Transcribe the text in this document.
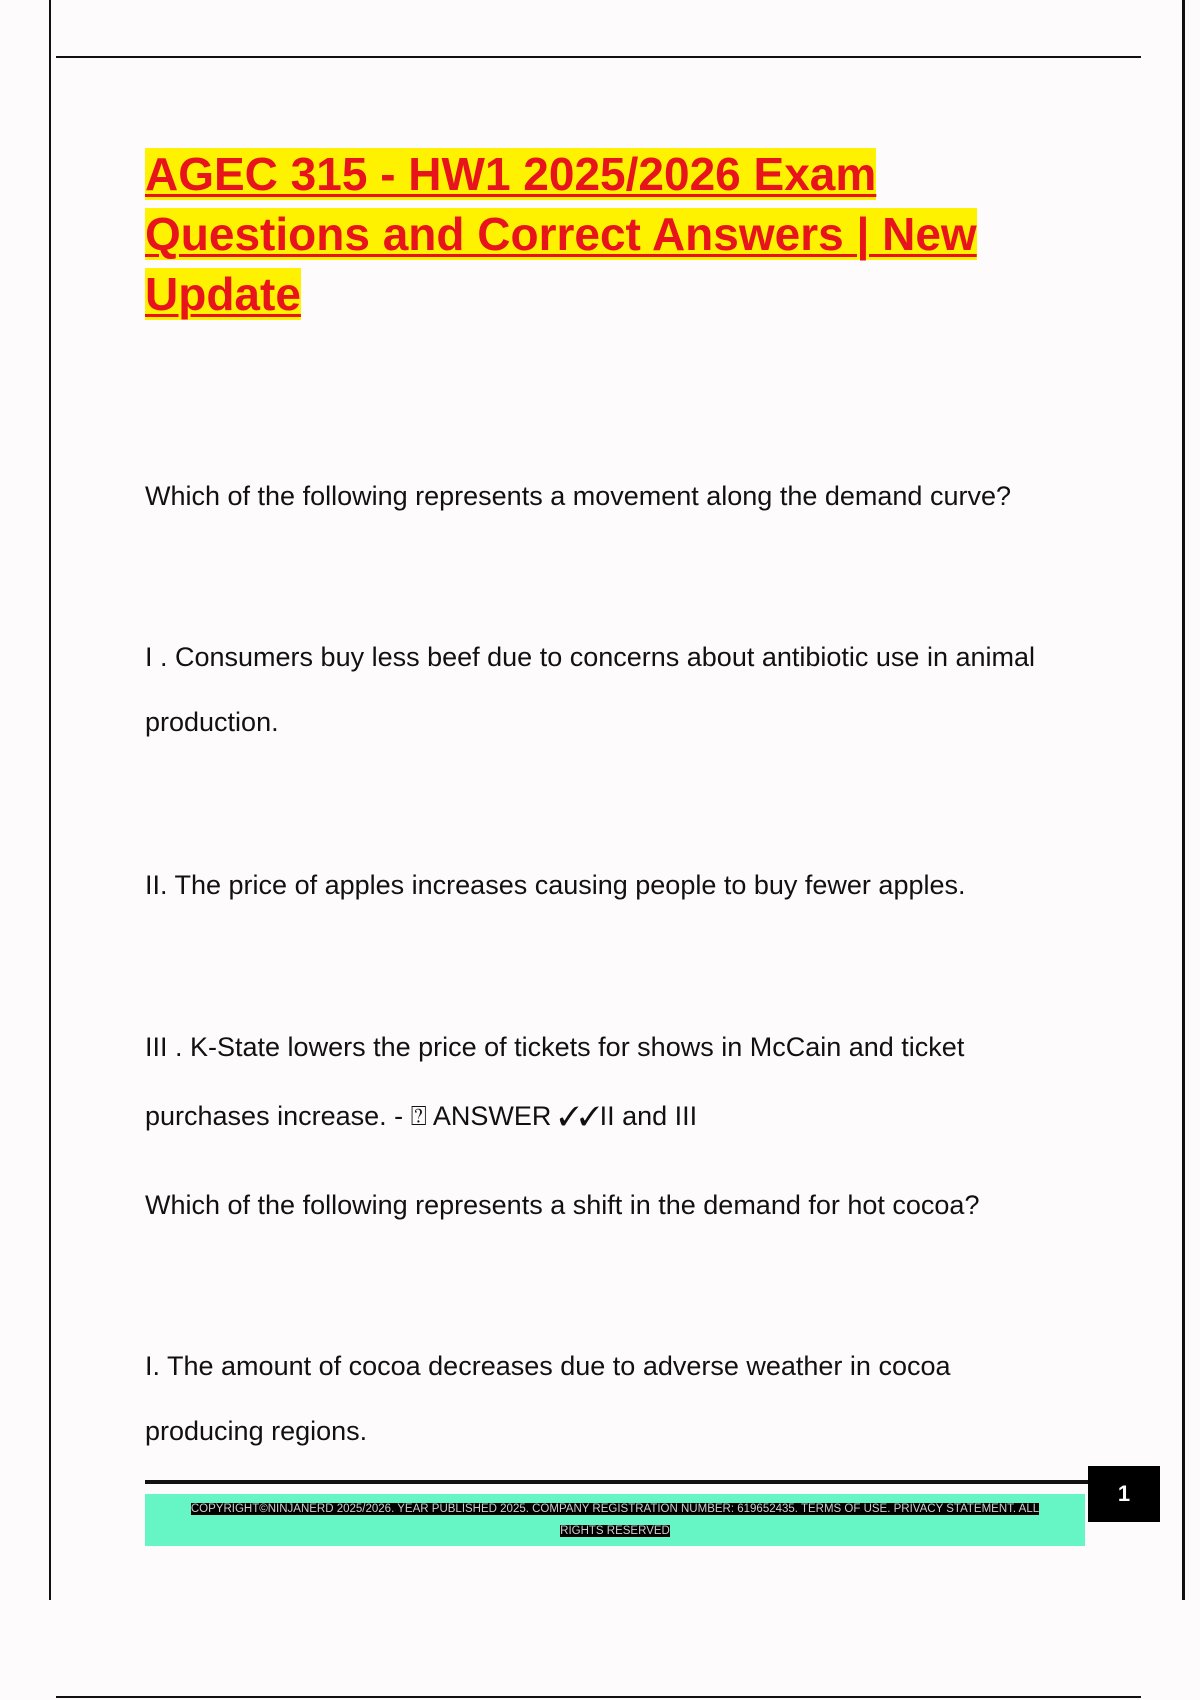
AGEC 315 - HW1 2025/2026 Exam Questions and Correct Answers | New Update

Which of the following represents a movement along the demand curve?

I . Consumers buy less beef due to concerns about antibiotic use in animal

production.

II. The price of apples increases causing people to buy fewer apples.

III . K-State lowers the price of tickets for shows in McCain and ticket

purchases increase. - ⍰ ANSWER ✓✓II and III

Which of the following represents a shift in the demand for hot cocoa?

I. The amount of cocoa decreases due to adverse weather in cocoa

producing regions.

1
COPYRIGHT©NINJANERD 2025/2026. YEAR PUBLISHED 2025. COMPANY REGISTRATION NUMBER: 619652435. TERMS OF USE. PRIVACY STATEMENT. ALL RIGHTS RESERVED
